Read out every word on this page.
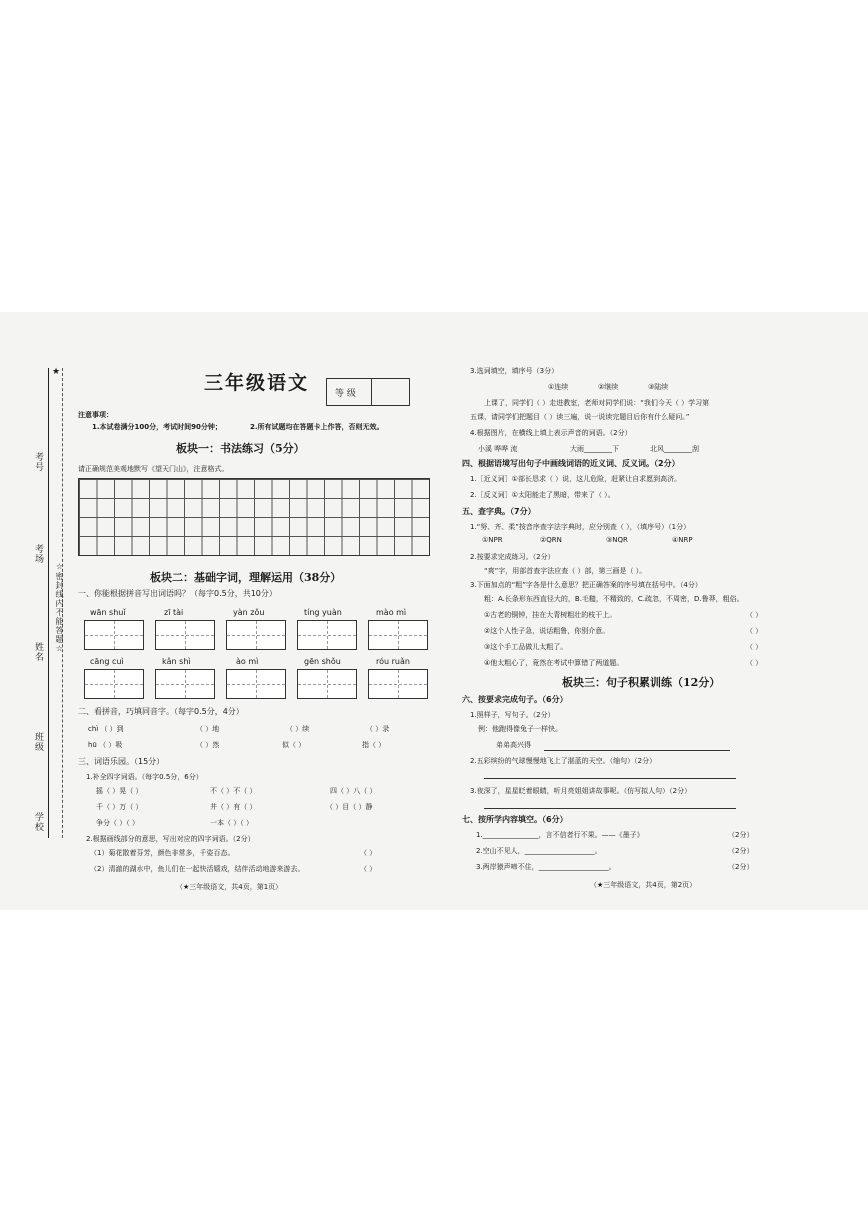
★
考号
考场
姓名
班级
学校
☆密封线内不能答题☆
三年级语文	等 级
注意事项：
1.本试卷满分100分，考试时间90分钟；	2.所有试题均在答题卡上作答，否则无效。
板块一：书法练习（5分）
请正确规范美观地默写《望天门山》，注意格式。
板块二：基础字词，理解运用（38分）
一、你能根据拼音写出词语吗？（每字0.5分，共10分）
wān shuǐ	zī tài	yàn zǒu	tíng yuàn	mào mì
cāng cuì	kǎn shì	ào mì	gēn shǒu	róu ruǎn
二、看拼音，巧填同音字。（每字0.5分，4分）
chì （ ）到	（ ）地	（ ）续	（ ）录
hū （ ）吸	（ ）然	似（ ）	指（ ）
三、词语乐园。（15分）
1.补全四字词语。（每字0.5分，6分）
摇（ ）晃（ ）	不（ ）不（ ）	四（ ）八（ ）
千（ ）万（ ）	井（ ）有（ ）	（ ）目（ ）静
争分（ ）（ ）	一本（ ）（ ）
2.根据画线部分的意思，写出对应的四字词语。（2分）
（1）菊花散着芬芳，颜色非常多，千姿百态。	（ ）
（2）清澈的湖水中，鱼儿们在一起快活嬉戏，结伴活动地游来游去。	（ ）
（★三年级语文，共4页，第1页）
3.选词填空，填序号（3分）
①连续	②继续	③陆续
上课了，同学们（ ）走进教室，老师对同学们说：“我们今天（ ）学习第
五课，请同学们把题目（ ）读三遍，说一说读完题目后你有什么疑问。”
4.根据图片，在横线上填上表示声音的词语。（2分）
小溪 哗哗 流	大雨________下	北风________刮
四、根据语境写出句子中画线词语的近义词、反义词。（2分）
1.［近义词］①部长恳求（ ）说，这儿危险，赶紧让自求愿到高济。
2.［反义词］①太阳能走了黑暗，带来了（ ）。
五、查字典。（7分）
1.“努、齐、柔”按音序查字法字典时，应分别查（ ），（填序号）（1分）
①NPR	②QRN	③NQR	④NRP
2.按要求完成练习。（2分）
“爽”字，用部首查字法应查（ ）部，第三画是（ ）。
3.下面加点的“粗”字各是什么意思？把正确答案的序号填在括号中。（4分）
粗：A.长条形东西直径大的，B.毛糙，不精致的，C.疏忽，不周密，D.鲁莽，粗俗。
①古老的铜钟，挂在大青树粗壮的枝干上。	（ ）
②这个人性子急，说话粗鲁，你别介意。	（ ）
③这个手工品做儿太粗了。	（ ）
④他太粗心了，竟然在考试中算错了两道题。	（ ）
板块三：句子积累训练（12分）
六、按要求完成句子。（6分）
1.照样子，写句子。（2分）
例：他跑得像兔子一样快。
弟弟高兴得
2.五彩缤纷的气球慢慢地飞上了湛蓝的天空。（缩句）（2分）
3.夜深了，星星眨着眼睛，听月亮姐姐讲故事呢。（仿写拟人句）（2分）
七、按所学内容填空。（6分）
1.________________，言不信者行不果。——《墨子》	（2分）
2.空山不见人，____________________。	（2分）
3.两岸猿声啼不住，____________________。	（2分）
（★三年级语文，共4页，第2页）
